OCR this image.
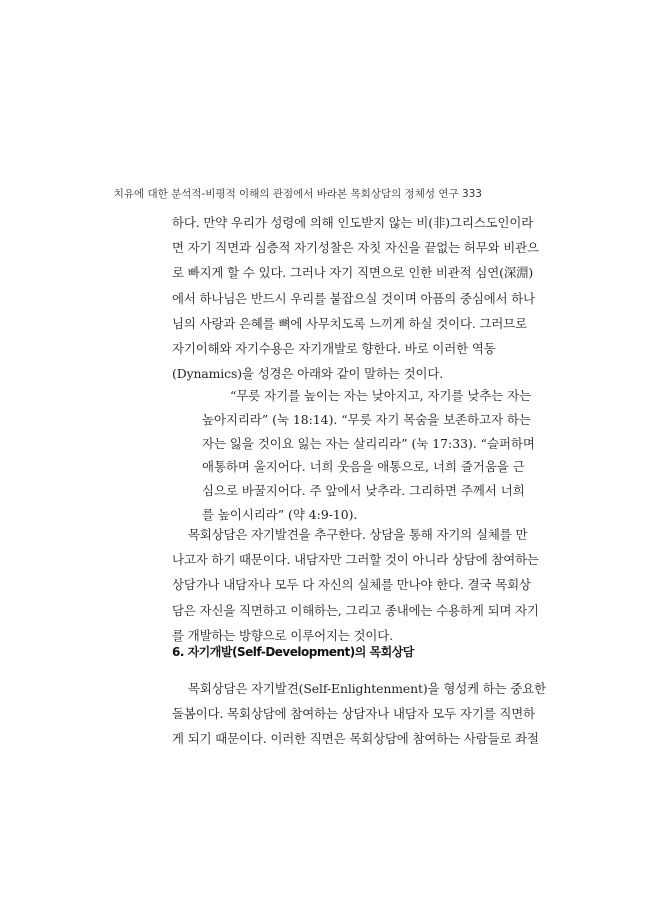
치유에 대한 분석적-비평적 이해의 관점에서 바라본 목회상담의 정체성 연구 333
하다. 만약 우리가 성령에 의해 인도받지 않는 비(非)그리스도인이라
면 자기 직면과 심층적 자기성찰은 자칫 자신을 끝없는 허무와 비관으
로 빠지게 할 수 있다. 그러나 자기 직면으로 인한 비관적 심연(深淵)
에서 하나님은 반드시 우리를 붙잡으실 것이며 아픔의 중심에서 하나
님의 사랑과 은혜를 뼈에 사무치도록 느끼게 하실 것이다. 그러므로
자기이해와 자기수용은 자기개발로 향한다. 바로 이러한 역동
(Dynamics)을 성경은 아래와 같이 말하는 것이다.
“무릇 자기를 높이는 자는 낮아지고, 자기를 낮추는 자는
높아지리라” (눅 18:14). “무릇 자기 목숨을 보존하고자 하는
자는 잃을 것이요 잃는 자는 살리리라” (눅 17:33). “슬퍼하며
애통하며 울지어다. 너희 웃음을 애통으로, 너희 즐거움을 근
심으로 바꿀지어다. 주 앞에서 낮추라. 그리하면 주께서 너희
를 높이시리라” (약 4:9-10).
목회상담은 자기발견을 추구한다. 상담을 통해 자기의 실체를 만
나고자 하기 때문이다. 내담자만 그러할 것이 아니라 상담에 참여하는
상담가나 내담자나 모두 다 자신의 실체를 만나야 한다. 결국 목회상
담은 자신을 직면하고 이해하는, 그리고 종내에는 수용하게 되며 자기
를 개발하는 방향으로 이루어지는 것이다.
6. 자기개발(Self-Development)의 목회상담
목회상담은 자기발견(Self-Enlightenment)을 형성케 하는 중요한
돌봄이다. 목회상담에 참여하는 상담자나 내담자 모두 자기를 직면하
게 되기 때문이다. 이러한 직면은 목회상담에 참여하는 사람들로 좌절
